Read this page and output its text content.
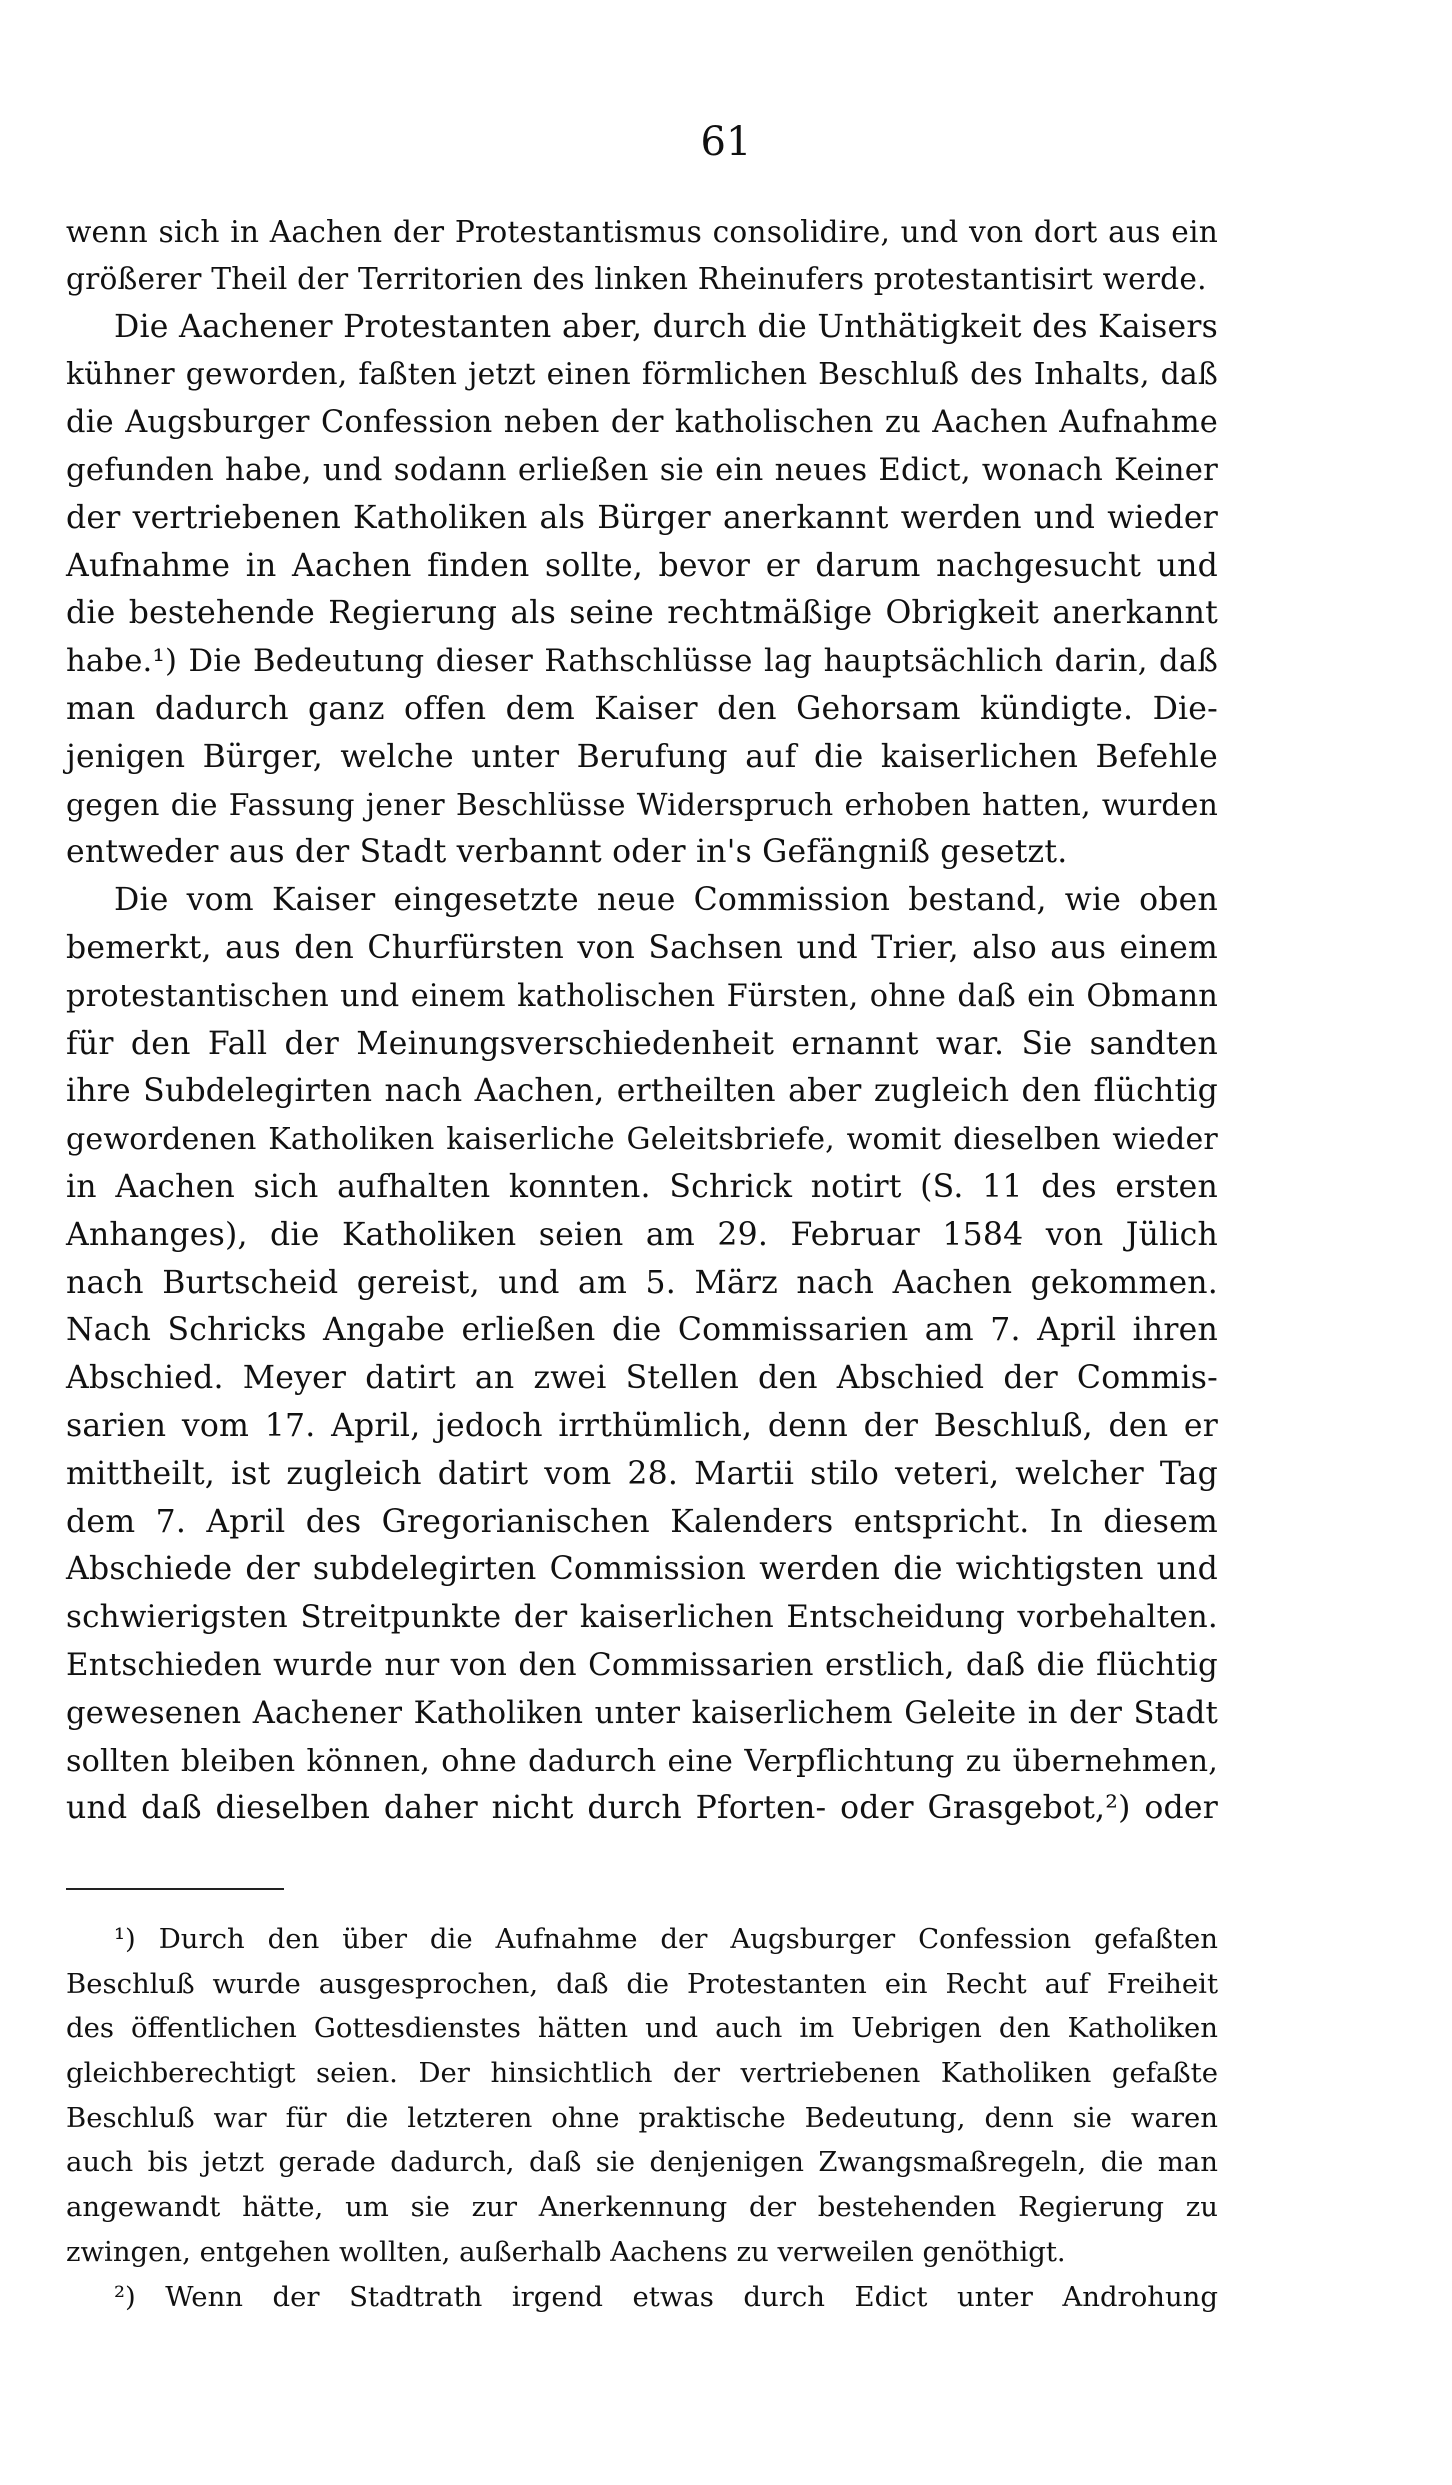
61
wenn sich in Aachen der Protestantismus consolidire, und von dort aus ein
größerer Theil der Territorien des linken Rheinufers protestantisirt werde.
Die Aachener Protestanten aber, durch die Unthätigkeit des Kaisers
kühner geworden, faßten jetzt einen förmlichen Beschluß des Inhalts, daß
die Augsburger Confession neben der katholischen zu Aachen Aufnahme
gefunden habe, und sodann erließen sie ein neues Edict, wonach Keiner
der vertriebenen Katholiken als Bürger anerkannt werden und wieder
Aufnahme in Aachen finden sollte, bevor er darum nachgesucht und
die bestehende Regierung als seine rechtmäßige Obrigkeit anerkannt
habe.¹) Die Bedeutung dieser Rathschlüsse lag hauptsächlich darin, daß
man dadurch ganz offen dem Kaiser den Gehorsam kündigte. Die-
jenigen Bürger, welche unter Berufung auf die kaiserlichen Befehle
gegen die Fassung jener Beschlüsse Widerspruch erhoben hatten, wurden
entweder aus der Stadt verbannt oder in's Gefängniß gesetzt.
Die vom Kaiser eingesetzte neue Commission bestand, wie oben
bemerkt, aus den Churfürsten von Sachsen und Trier, also aus einem
protestantischen und einem katholischen Fürsten, ohne daß ein Obmann
für den Fall der Meinungsverschiedenheit ernannt war. Sie sandten
ihre Subdelegirten nach Aachen, ertheilten aber zugleich den flüchtig
gewordenen Katholiken kaiserliche Geleitsbriefe, womit dieselben wieder
in Aachen sich aufhalten konnten. Schrick notirt (S. 11 des ersten
Anhanges), die Katholiken seien am 29. Februar 1584 von Jülich
nach Burtscheid gereist, und am 5. März nach Aachen gekommen.
Nach Schricks Angabe erließen die Commissarien am 7. April ihren
Abschied. Meyer datirt an zwei Stellen den Abschied der Commis-
sarien vom 17. April, jedoch irrthümlich, denn der Beschluß, den er
mittheilt, ist zugleich datirt vom 28. Martii stilo veteri, welcher Tag
dem 7. April des Gregorianischen Kalenders entspricht. In diesem
Abschiede der subdelegirten Commission werden die wichtigsten und
schwierigsten Streitpunkte der kaiserlichen Entscheidung vorbehalten.
Entschieden wurde nur von den Commissarien erstlich, daß die flüchtig
gewesenen Aachener Katholiken unter kaiserlichem Geleite in der Stadt
sollten bleiben können, ohne dadurch eine Verpflichtung zu übernehmen,
und daß dieselben daher nicht durch Pforten- oder Grasgebot,²) oder
¹) Durch den über die Aufnahme der Augsburger Confession gefaßten
Beschluß wurde ausgesprochen, daß die Protestanten ein Recht auf Freiheit
des öffentlichen Gottesdienstes hätten und auch im Uebrigen den Katholiken
gleichberechtigt seien. Der hinsichtlich der vertriebenen Katholiken gefaßte
Beschluß war für die letzteren ohne praktische Bedeutung, denn sie waren
auch bis jetzt gerade dadurch, daß sie denjenigen Zwangsmaßregeln, die man
angewandt hätte, um sie zur Anerkennung der bestehenden Regierung zu
zwingen, entgehen wollten, außerhalb Aachens zu verweilen genöthigt.
²) Wenn der Stadtrath irgend etwas durch Edict unter Androhung
